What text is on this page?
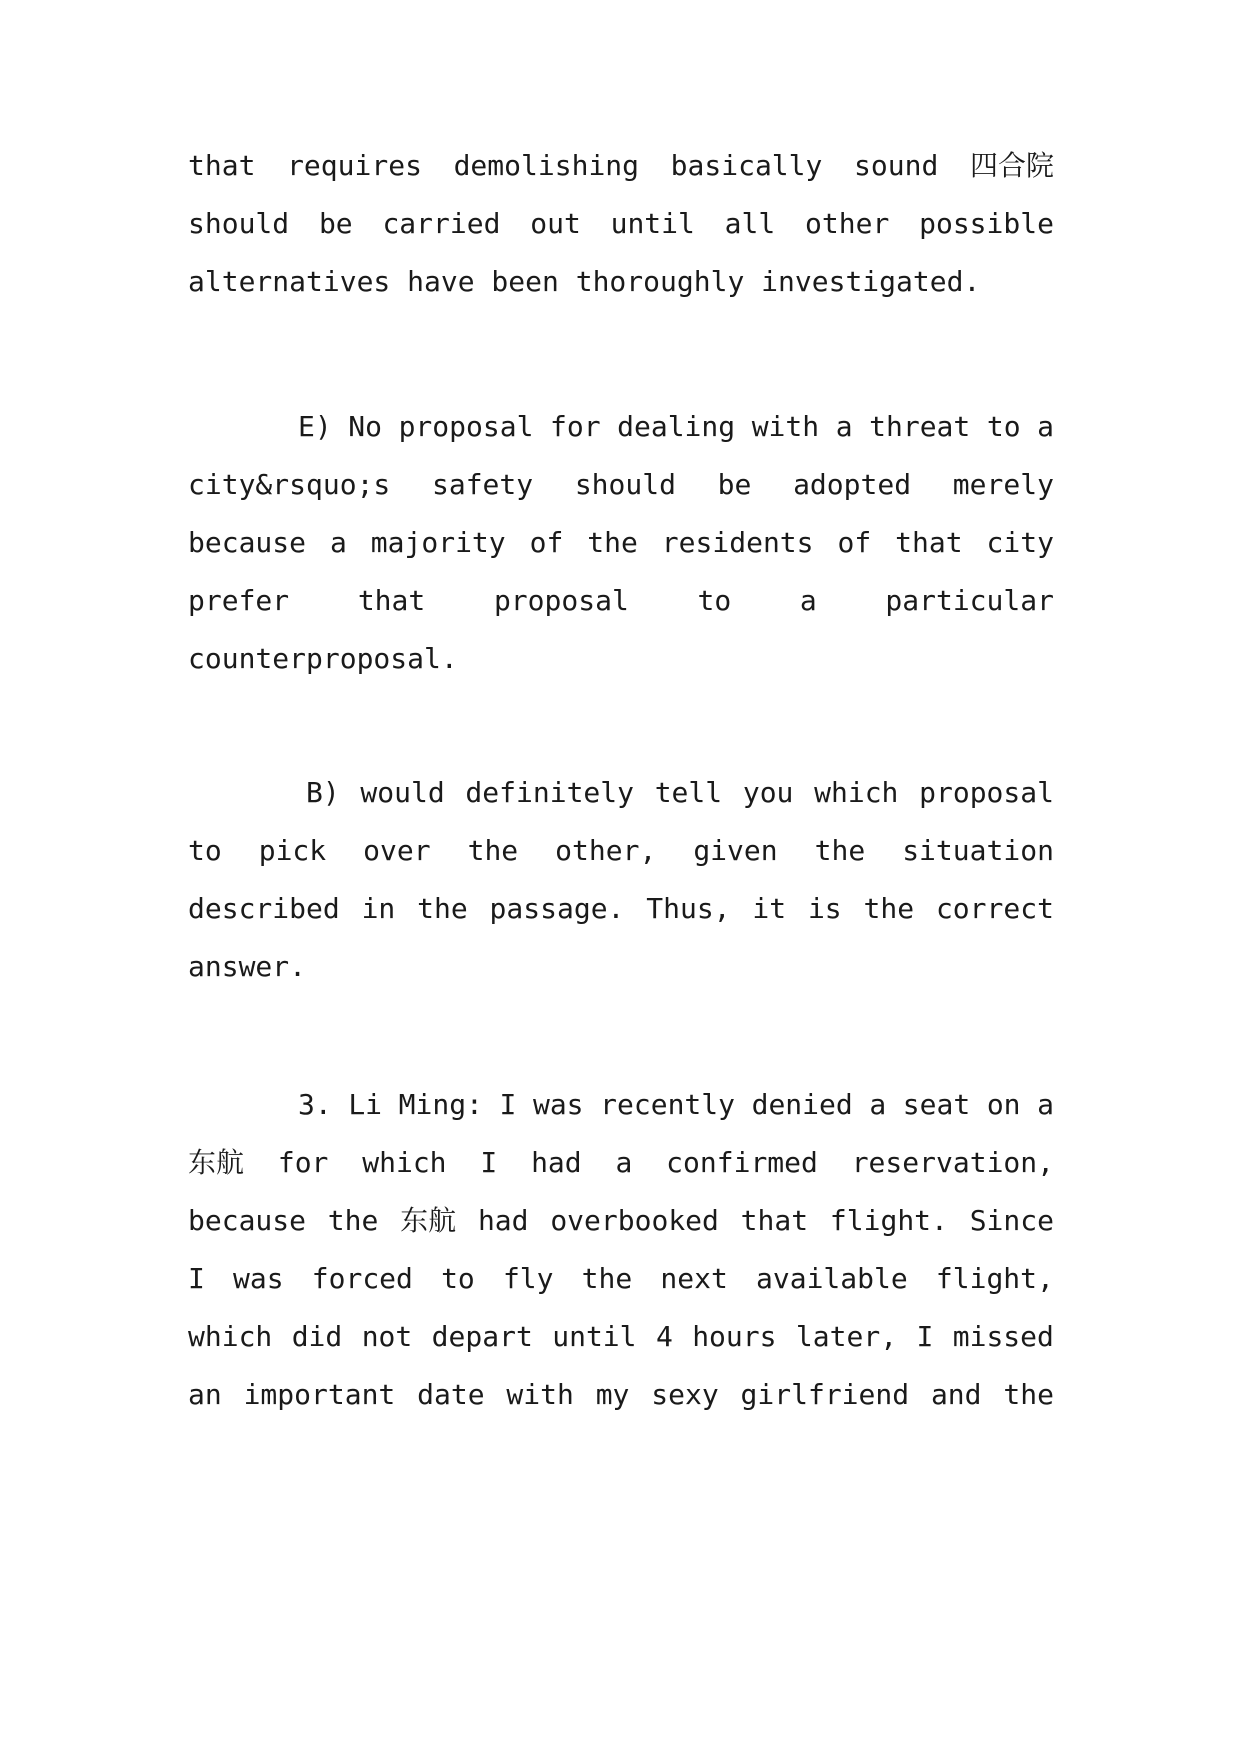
that requires demolishing basically sound 四合院
should be carried out until all other possible
alternatives have been thoroughly investigated.
E) No proposal for dealing with a threat to a
city&rsquo;s safety should be adopted merely
because a majority of the residents of that city
prefer that proposal to a particular
counterproposal.
B) would definitely tell you which proposal
to pick over the other, given the situation
described in the passage. Thus, it is the correct
answer.
3. Li Ming: I was recently denied a seat on a
东航 for which I had a confirmed reservation,
because the 东航 had overbooked that flight. Since
I was forced to fly the next available flight,
which did not depart until 4 hours later, I missed
an important date with my sexy girlfriend and the
